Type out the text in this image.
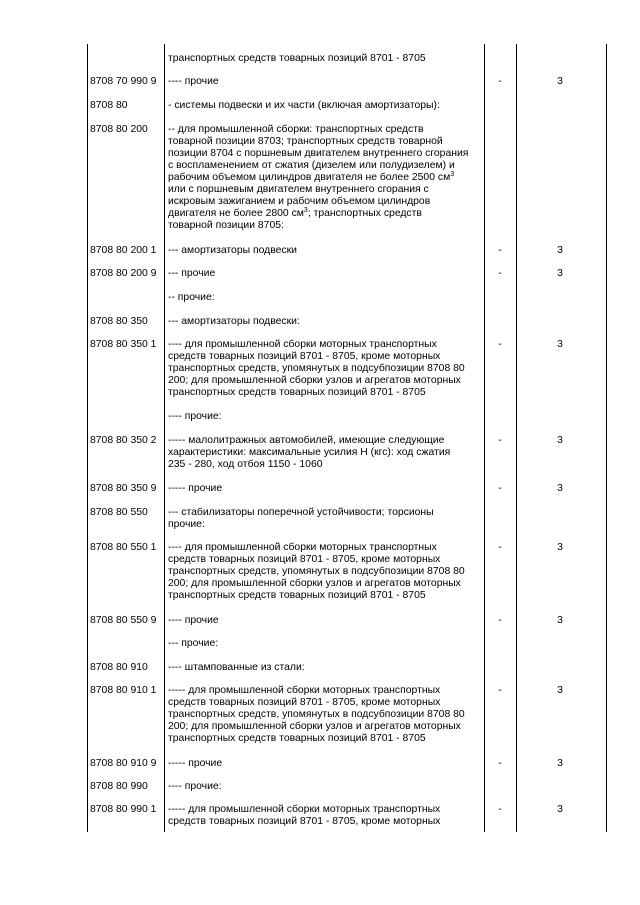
транспортных средств товарных позиций 8701 - 8705
8708 70 990 9	---- прочие	-	3
8708 80	- системы подвески и их части (включая амортизаторы):
8708 80 200	-- для промышленной сборки: транспортных средств
товарной позиции 8703; транспортных средств товарной
позиции 8704 с поршневым двигателем внутреннего сгорания
с воспламенением от сжатия (дизелем или полудизелем) и
рабочим объемом цилиндров двигателя не более 2500 $см^3$
или с поршневым двигателем внутреннего сгорания с
искровым зажиганием и рабочим объемом цилиндров
двигателя не более 2800 $см^3$; транспортных средств
товарной позиции 8705:
8708 80 200 1	--- амортизаторы подвески	-	3
8708 80 200 9	--- прочие	-	3
-- прочие:
8708 80 350	--- амортизаторы подвески:
8708 80 350 1	---- для промышленной сборки моторных транспортных
средств товарных позиций 8701 - 8705, кроме моторных
транспортных средств, упомянутых в подсубпозиции 8708 80
200; для промышленной сборки узлов и агрегатов моторных
транспортных средств товарных позиций 8701 - 8705
-	3
---- прочие:
8708 80 350 2	----- малолитражных автомобилей, имеющие следующие
характеристики: максимальные усилия Н (кгс): ход сжатия
235 - 280, ход отбоя 1150 - 1060
-	3
8708 80 350 9	----- прочие	-	3
8708 80 550	--- стабилизаторы поперечной устойчивости; торсионы
прочие:
8708 80 550 1	---- для промышленной сборки моторных транспортных
средств товарных позиций 8701 - 8705, кроме моторных
транспортных средств, упомянутых в подсубпозиции 8708 80
200; для промышленной сборки узлов и агрегатов моторных
транспортных средств товарных позиций 8701 - 8705
-	3
8708 80 550 9	---- прочие	-	3
--- прочие:
8708 80 910	---- штампованные из стали:
8708 80 910 1	----- для промышленной сборки моторных транспортных
средств товарных позиций 8701 - 8705, кроме моторных
транспортных средств, упомянутых в подсубпозиции 8708 80
200; для промышленной сборки узлов и агрегатов моторных
транспортных средств товарных позиций 8701 - 8705
-	3
8708 80 910 9	----- прочие	-	3
8708 80 990	---- прочие:
8708 80 990 1	----- для промышленной сборки моторных транспортных
средств товарных позиций 8701 - 8705, кроме моторных
-	3
